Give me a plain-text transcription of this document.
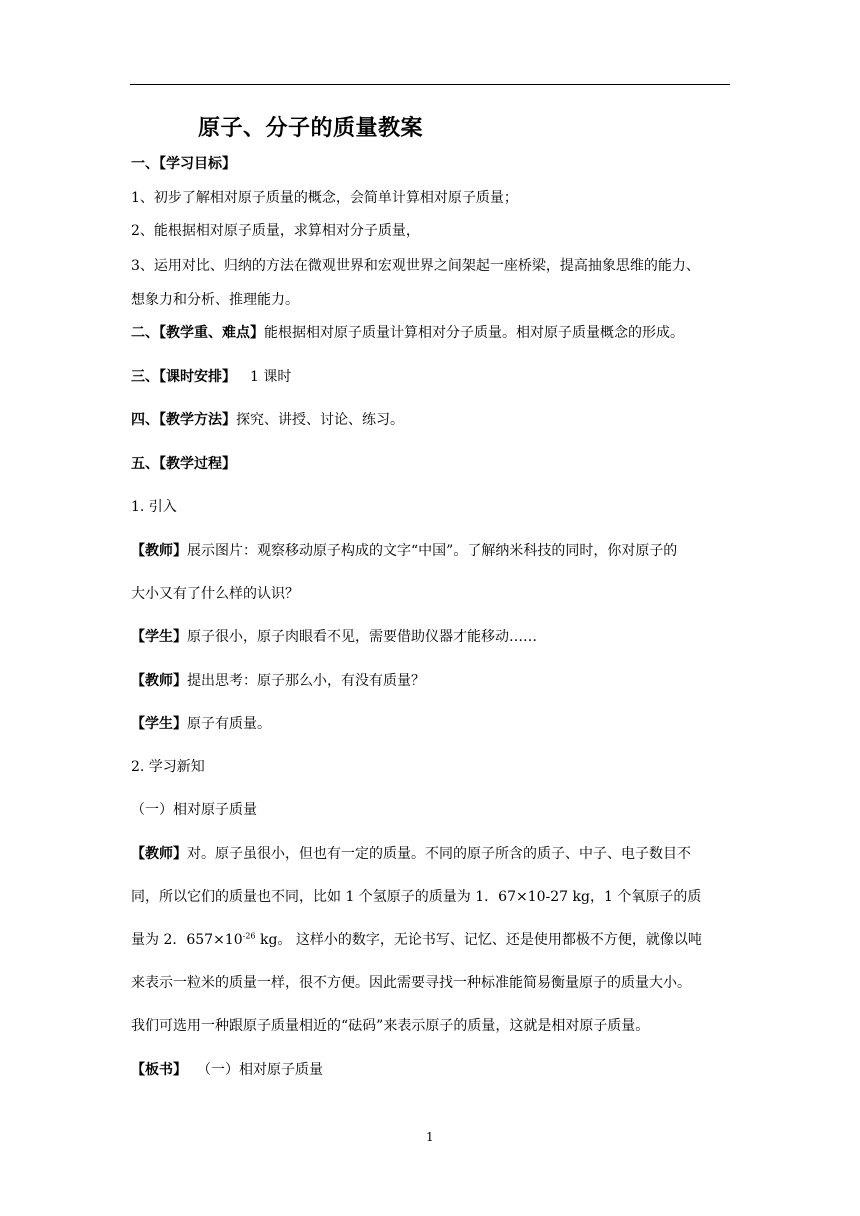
原子、分子的质量教案
一、【学习目标】
1、初步了解相对原子质量的概念，会简单计算相对原子质量；
2、能根据相对原子质量，求算相对分子质量，
3、运用对比、归纳的方法在微观世界和宏观世界之间架起一座桥梁，提高抽象思维的能力、
想象力和分析、推理能力。
二、【教学重、难点】能根据相对原子质量计算相对分子质量。相对原子质量概念的形成。
三、【课时安排】 1 课时
四、【教学方法】探究、讲授、讨论、练习。
五、【教学过程】
1. 引入
【教师】展示图片：观察移动原子构成的文字“中国”。了解纳米科技的同时，你对原子的
大小又有了什么样的认识？
【学生】原子很小，原子肉眼看不见，需要借助仪器才能移动……
【教师】提出思考：原子那么小，有没有质量？
【学生】原子有质量。
2. 学习新知
（一）相对原子质量
【教师】对。原子虽很小，但也有一定的质量。不同的原子所含的质子、中子、电子数目不
同，所以它们的质量也不同，比如 1 个氢原子的质量为 1．67×10-27 kg，1 个氧原子的质
量为 2．$657\times 10^{-26}$ kg。 这样小的数字，无论书写、记忆、还是使用都极不方便，就像以吨
来表示一粒米的质量一样，很不方便。因此需要寻找一种标准能简易衡量原子的质量大小。
我们可选用一种跟原子质量相近的“砝码”来表示原子的质量，这就是相对原子质量。
【板书】 （一）相对原子质量
1
